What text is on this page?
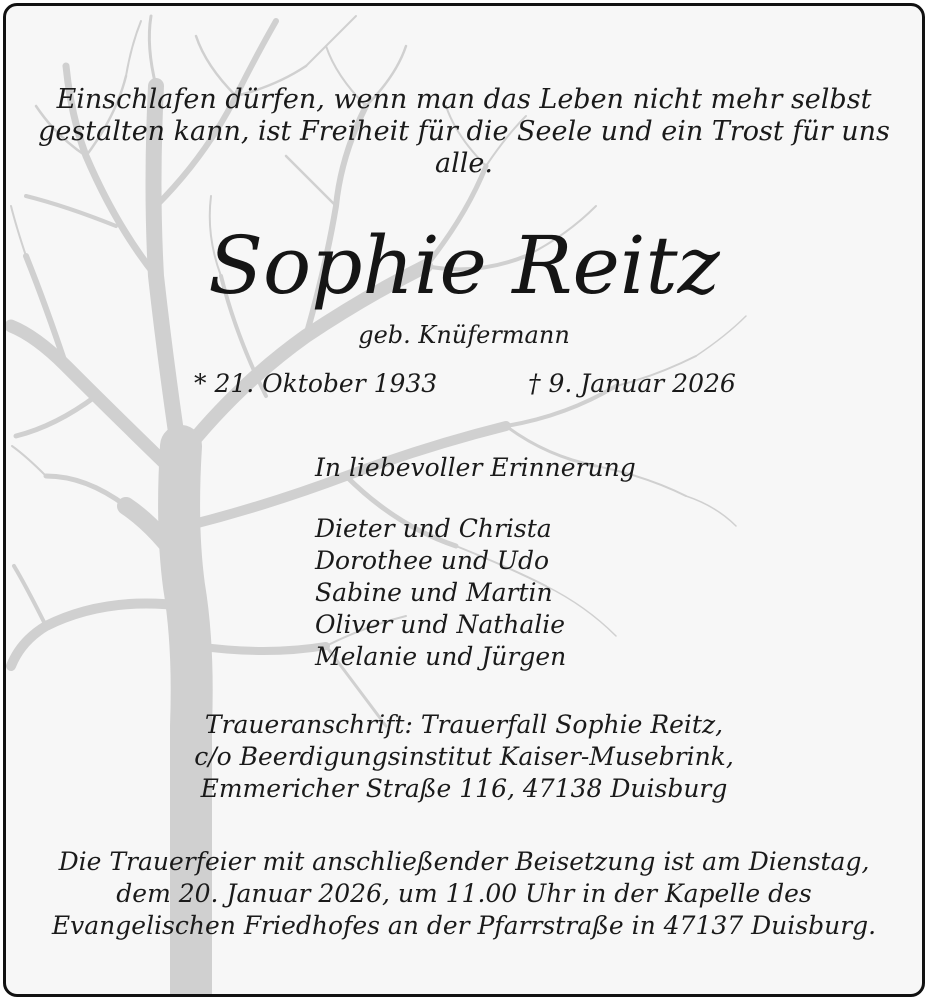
Einschlafen dürfen, wenn man das Leben nicht mehr selbst
gestalten kann, ist Freiheit für die Seele und ein Trost für uns alle.
Sophie Reitz
geb. Knüfermann
* 21. Oktober 1933	† 9. Januar 2026
In liebevoller Erinnerung
Dieter und Christa
Dorothee und Udo
Sabine und Martin
Oliver und Nathalie
Melanie und Jürgen
Traueranschrift: Trauerfall Sophie Reitz,
c/o Beerdigungsinstitut Kaiser-Musebrink,
Emmericher Straße 116, 47138 Duisburg
Die Trauerfeier mit anschließender Beisetzung ist am Dienstag,
dem 20. Januar 2026, um 11.00 Uhr in der Kapelle des
Evangelischen Friedhofes an der Pfarrstraße in 47137 Duisburg.
